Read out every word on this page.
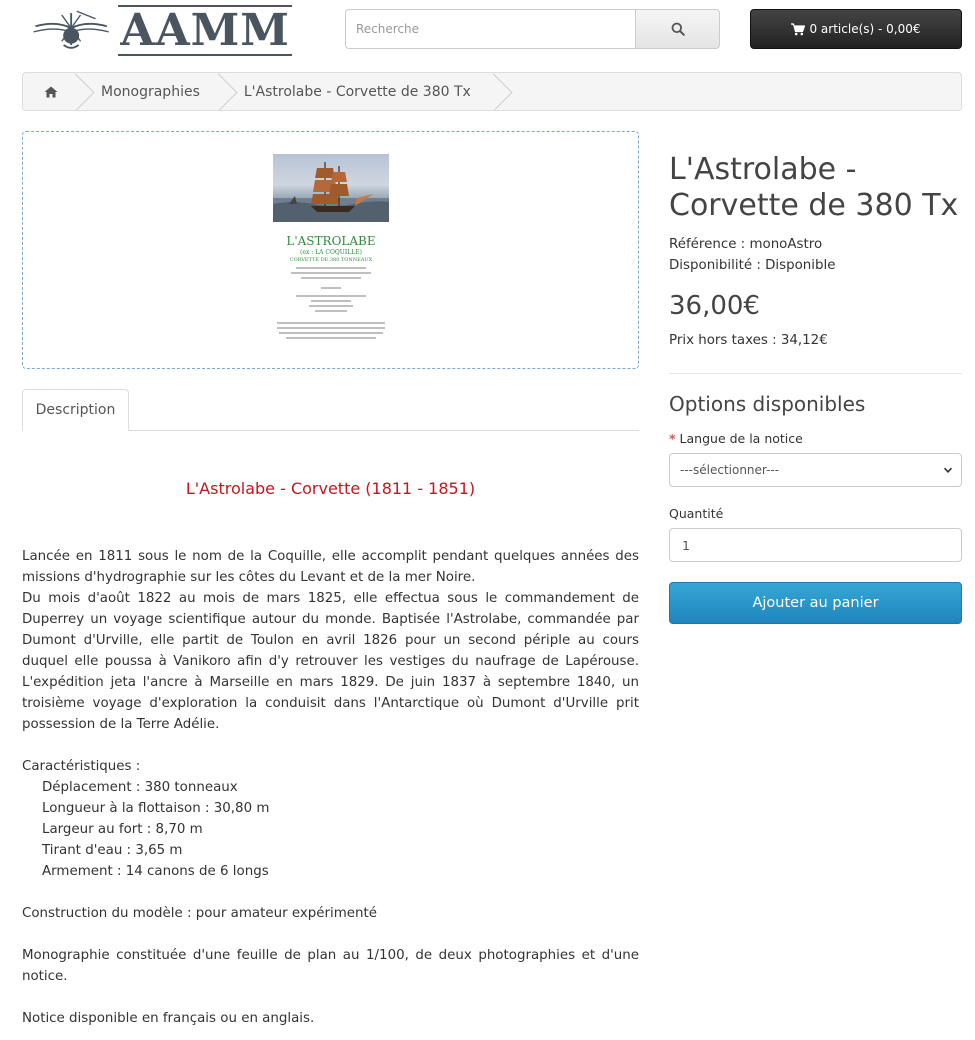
AAMM
Recherche	0 article(s) - 0,00€
Monographies	L'Astrolabe - Corvette de 380 Tx
L'ASTROLABE
(ex : LA COQUILLE)
CORVETTE DE 380 TONNEAUX
Description
L'Astrolabe - Corvette (1811 - 1851)

Lancée en 1811 sous le nom de la Coquille, elle accomplit pendant quelques années des missions d'hydrographie sur les côtes du Levant et de la mer Noire.

Du mois d'août 1822 au mois de mars 1825, elle effectua sous le commandement de Duperrey un voyage scientifique autour du monde. Baptisée l'Astrolabe, commandée par Dumont d'Urville, elle partit de Toulon en avril 1826 pour un second périple au cours duquel elle poussa à Vanikoro afin d'y retrouver les vestiges du naufrage de Lapérouse. L'expédition jeta l'ancre à Marseille en mars 1829. De juin 1837 à septembre 1840, un troisième voyage d'exploration la conduisit dans l'Antarctique où Dumont d'Urville prit possession de la Terre Adélie.

Caractéristiques :

Déplacement : 380 tonneaux

Longueur à la flottaison : 30,80 m

Largeur au fort : 8,70 m

Tirant d'eau : 3,65 m

Armement : 14 canons de 6 longs

Construction du modèle : pour amateur expérimenté

Monographie constituée d'une feuille de plan au 1/100, de deux photographies et d'une notice.

Notice disponible en français ou en anglais.

L'Astrolabe - Corvette de 380 Tx
Référence : monoAstro
Disponibilité : Disponible
36,00€
Prix hors taxes : 34,12€
Options disponibles
* Langue de la notice
---sélectionner---
Quantité
1
Ajouter au panier
